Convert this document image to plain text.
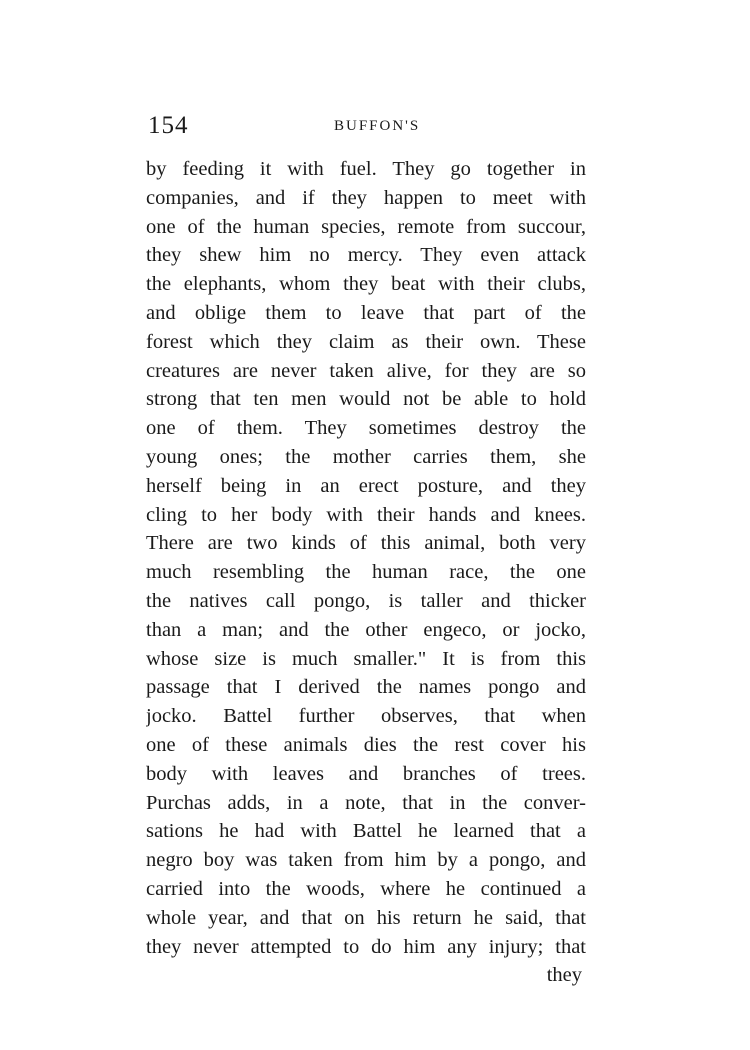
154	BUFFON'S
by feeding it with fuel. They go together in
companies, and if they happen to meet with
one of the human species, remote from succour,
they shew him no mercy. They even attack
the elephants, whom they beat with their clubs,
and oblige them to leave that part of the
forest which they claim as their own. These
creatures are never taken alive, for they are so
strong that ten men would not be able to hold
one of them. They sometimes destroy the
young ones; the mother carries them, she
herself being in an erect posture, and they
cling to her body with their hands and knees.
There are two kinds of this animal, both very
much resembling the human race, the one
the natives call pongo, is taller and thicker
than a man; and the other engeco, or jocko,
whose size is much smaller." It is from this
passage that I derived the names pongo and
jocko. Battel further observes, that when
one of these animals dies the rest cover his
body with leaves and branches of trees.
Purchas adds, in a note, that in the conver-
sations he had with Battel he learned that a
negro boy was taken from him by a pongo, and
carried into the woods, where he continued a
whole year, and that on his return he said, that
they never attempted to do him any injury; that
they
